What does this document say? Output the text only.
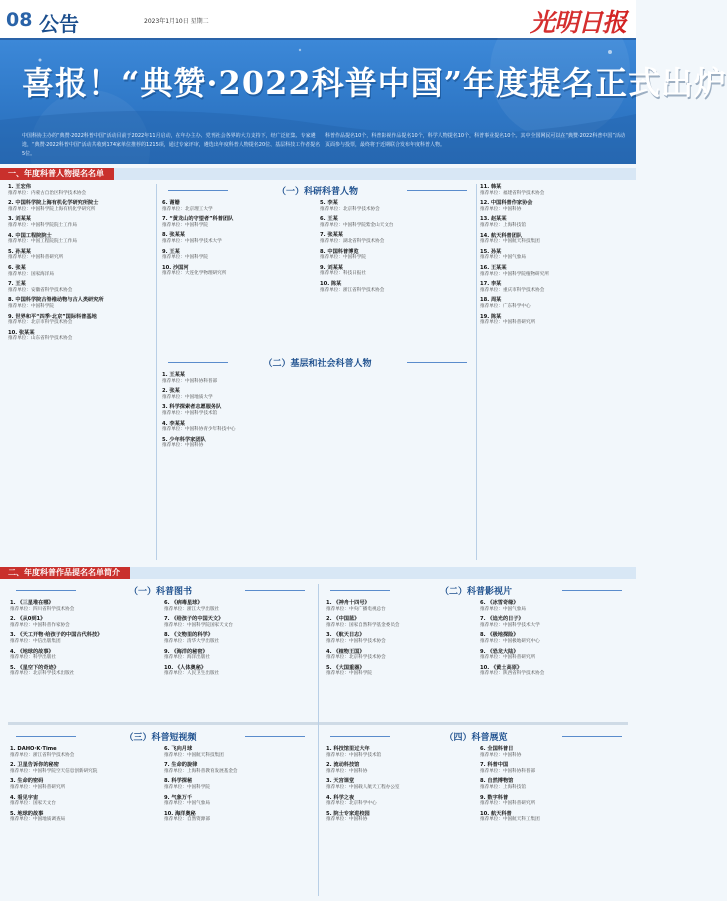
08 公告	2023年1月10日 星期二	光明日报
喜报！“典赞·2022科普中国”年度提名正式出炉
中国科协主办的“典赞·2022科普中国”活动目前于2022年11月启动，在年办主办、党刊社会各界的大力支持下，经广泛征集、专家遴选，“典赞·2022科普中国”活动共收到174家单位推荐的1215项，通过专家评审，遴选出年度科普人物提名20位、基层科技工作者提名5位。
科普作品提名10个，科普影视作品提名10个，科学人物提名10个，科普事业提名10个。其中全国网民可以在“典赞·2022科普中国”活动页面参与投票，最终将于近期联合发布年度科普人物。
一、年度科普人物提名名单
1. 王宏伟
推荐单位：内蒙古自治区科学技术协会
2. 中国科学院上海有机化学研究所院士
推荐单位：中国科学院上海有机化学研究所
3. 刘某某
推荐单位：中国科学院院士工作局
4. 中国工程院院士
推荐单位：中国工程院院士工作局
5. 孙某某
推荐单位：中国科普研究所
6. 张某
推荐单位：国家海洋局
7. 王某
推荐单位：安徽省科学技术协会
8. 中国科学院古脊椎动物与古人类研究所
推荐单位：中国科学院
9. 世界和平“四季·北京”国际科普基地
推荐单位：北京市科学技术协会
10. 张某某
推荐单位：山东省科学技术协会
（一）科研科普人物
6. 谢姗
推荐单位：北京理工大学
7. “黄龙山的守望者”科普团队
推荐单位：中国科学院
8. 张某某
推荐单位：中国科学技术大学
9. 王某
推荐单位：中国科学院
10. 沙国河
推荐单位：大连化学物理研究所
5. 李某
推荐单位：北京科学技术协会
6. 王某
推荐单位：中国科学院紫金山天文台
7. 张某某
推荐单位：湖北省科学技术协会
8. 中国科普博览
推荐单位：中国科学院
9. 刘某某
推荐单位：科技日报社
10. 陈某
推荐单位：浙江省科学技术协会
（二）基层和社会科普人物
1. 王某某
推荐单位：中国科协科普部
2. 张某
推荐单位：中国地质大学
3. 科学探索者志愿服务队
推荐单位：中国科学技术馆
4. 李某某
推荐单位：中国科协青少年科技中心
5. 少年科学家团队
推荐单位：中国科协
11. 韩某
推荐单位：福建省科学技术协会
12. 中国科普作家协会
推荐单位：中国科协
13. 赵某某
推荐单位：上海科技馆
14. 航天科普团队
推荐单位：中国航天科技集团
15. 孙某
推荐单位：中国气象局
16. 王某某
推荐单位：中国科学院植物研究所
17. 李某
推荐单位：重庆市科学技术协会
18. 周某
推荐单位：广东科学中心
19. 陈某
推荐单位：中国科普研究所
二、年度科普作品提名名单简介
（一）科普图书
1. 《三星堆在哪》
推荐单位：四川省科学技术协会
2. 《从0到1》
推荐单位：中国科普作家协会
3. 《天工开物·给孩子的中国古代科技》
推荐单位：中信出版集团
4. 《地球的故事》
推荐单位：科学出版社
5. 《星空下的奇迹》
推荐单位：北京科学技术出版社
6. 《病毒星球》
推荐单位：浙江大学出版社
7. 《给孩子的中国天文》
推荐单位：中国科学院国家天文台
8. 《文物里的科学》
推荐单位：清华大学出版社
9. 《海洋的秘密》
推荐单位：海洋出版社
10. 《人体奥秘》
推荐单位：人民卫生出版社
（二）科普影视片
1. 《神舟十四号》
推荐单位：中央广播电视总台
2. 《中国蓝》
推荐单位：国家自然科学基金委员会
3. 《航天日志》
推荐单位：中国科学技术协会
4. 《植物王国》
推荐单位：北京科学技术协会
5. 《大国重器》
推荐单位：中国科学院
6. 《冰雪奇缘》
推荐单位：中国气象局
7. 《追光的日子》
推荐单位：中国科学技术大学
8. 《极地探险》
推荐单位：中国极地研究中心
9. 《恐龙大陆》
推荐单位：中国科普研究所
10. 《黄土高原》
推荐单位：陕西省科学技术协会
（三）科普短视频
1. DAHO·K·Time
推荐单位：浙江省科学技术协会
2. 卫星告诉你的秘密
推荐单位：中国科学院空天信息创新研究院
3. 生命的密码
推荐单位：中国科普研究所
4. 看见宇宙
推荐单位：国家天文台
5. 地球的故事
推荐单位：中国地质调查局
6. 飞向月球
推荐单位：中国航天科技集团
7. 生命的旋律
推荐单位：上海科普教育发展基金会
8. 科学探秘
推荐单位：中国科学院
9. 气象万千
推荐单位：中国气象局
10. 海洋奥秘
推荐单位：自然资源部
（四）科普展览
1. 科技馆里过大年
推荐单位：中国科学技术馆
2. 流动科技馆
推荐单位：中国科协
3. 天宫课堂
推荐单位：中国载人航天工程办公室
4. 科学之夜
推荐单位：北京科学中心
5. 院士专家进校园
推荐单位：中国科协
6. 全国科普日
推荐单位：中国科协
7. 科普中国
推荐单位：中国科协科普部
8. 自然博物馆
推荐单位：上海科技馆
9. 数字科普
推荐单位：中国科普研究所
10. 航天科普
推荐单位：中国航天科工集团
